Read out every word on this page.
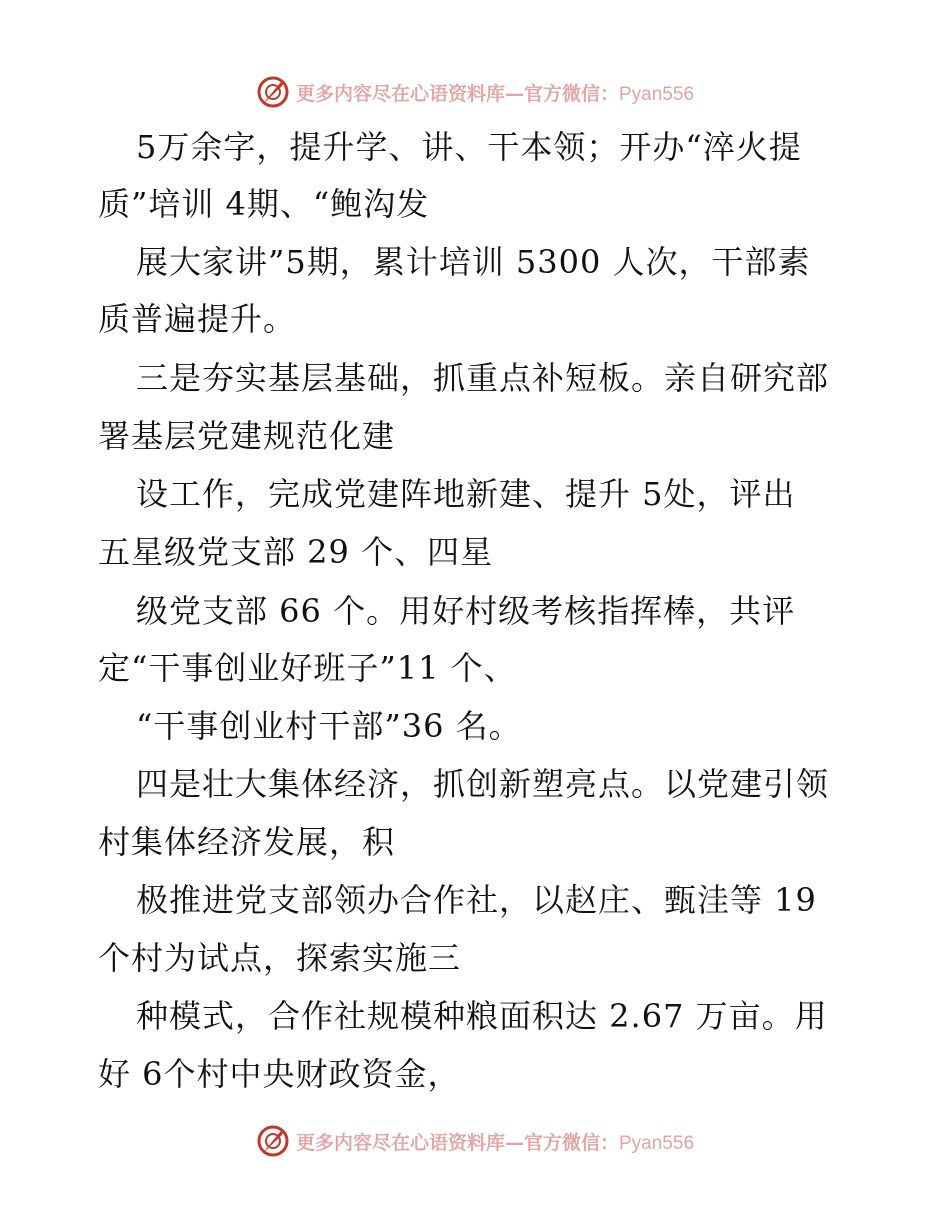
更多内容尽在心语资料库—官方微信：Pyan556
5万余字，提升学、讲、干本领；开办“淬火提
质”培训 4期、“鲍沟发
展大家讲”5期，累计培训 5300 人次，干部素
质普遍提升。
三是夯实基层基础，抓重点补短板。亲自研究部
署基层党建规范化建
设工作，完成党建阵地新建、提升 5处，评出
五星级党支部 29 个、四星
级党支部 66 个。用好村级考核指挥棒，共评
定“干事创业好班子”11 个、
“干事创业村干部”36 名。
四是壮大集体经济，抓创新塑亮点。以党建引领
村集体经济发展，积
极推进党支部领办合作社，以赵庄、甄洼等 19
个村为试点，探索实施三
种模式，合作社规模种粮面积达 2.67 万亩。用
好 6个村中央财政资金，
更多内容尽在心语资料库—官方微信：Pyan556
